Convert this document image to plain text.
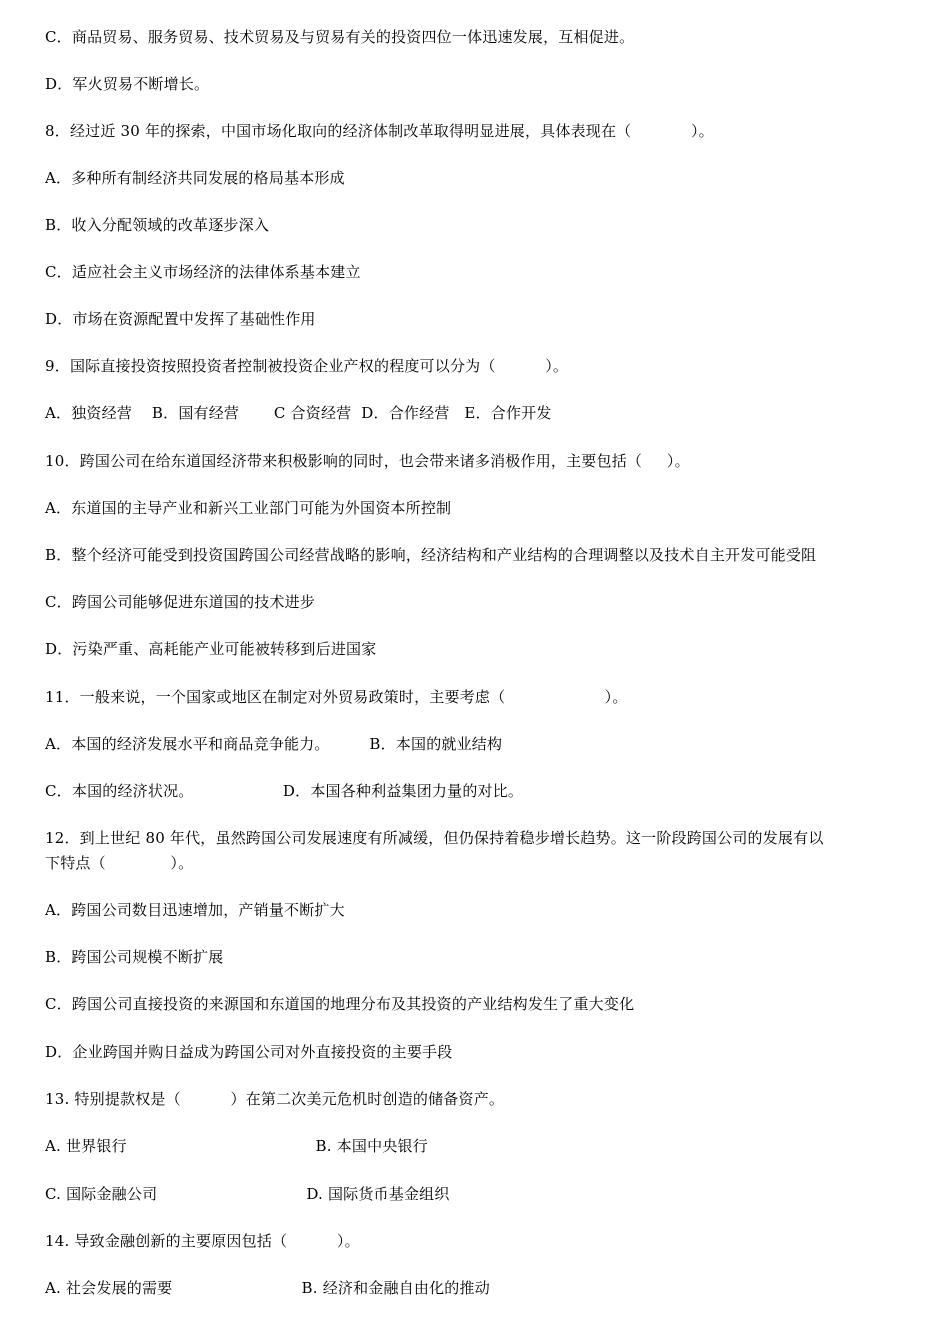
C．商品贸易、服务贸易、技术贸易及与贸易有关的投资四位一体迅速发展，互相促进。
D．军火贸易不断增长。
8．经过近 30 年的探索，中国市场化取向的经济体制改革取得明显进展，具体表现在（            ）。
A．多种所有制经济共同发展的格局基本形成
B．收入分配领域的改革逐步深入
C．适应社会主义市场经济的法律体系基本建立
D．市场在资源配置中发挥了基础性作用
9．国际直接投资按照投资者控制被投资企业产权的程度可以分为（          ）。
A．独资经营    B．国有经营       C 合资经营  D．合作经营   E．合作开发
10．跨国公司在给东道国经济带来积极影响的同时，也会带来诸多消极作用，主要包括（     ）。
A．东道国的主导产业和新兴工业部门可能为外国资本所控制
B．整个经济可能受到投资国跨国公司经营战略的影响，经济结构和产业结构的合理调整以及技术自主开发可能受阻
C．跨国公司能够促进东道国的技术进步
D．污染严重、高耗能产业可能被转移到后进国家
11．一般来说，一个国家或地区在制定对外贸易政策时，主要考虑（                    ）。
A．本国的经济发展水平和商品竞争能力。        B．本国的就业结构
C．本国的经济状况。                  D．本国各种利益集团力量的对比。
12．到上世纪 80 年代，虽然跨国公司发展速度有所减缓，但仍保持着稳步增长趋势。这一阶段跨国公司的发展有以
下特点（             ）。
A．跨国公司数目迅速增加，产销量不断扩大
B．跨国公司规模不断扩展
C．跨国公司直接投资的来源国和东道国的地理分布及其投资的产业结构发生了重大变化
D．企业跨国并购日益成为跨国公司对外直接投资的主要手段
13. 特别提款权是（          ）在第二次美元危机时创造的储备资产。
A. 世界银行                                      B. 本国中央银行
C. 国际金融公司                              D. 国际货币基金组织
14. 导致金融创新的主要原因包括（          ）。
A. 社会发展的需要                          B. 经济和金融自由化的推动
